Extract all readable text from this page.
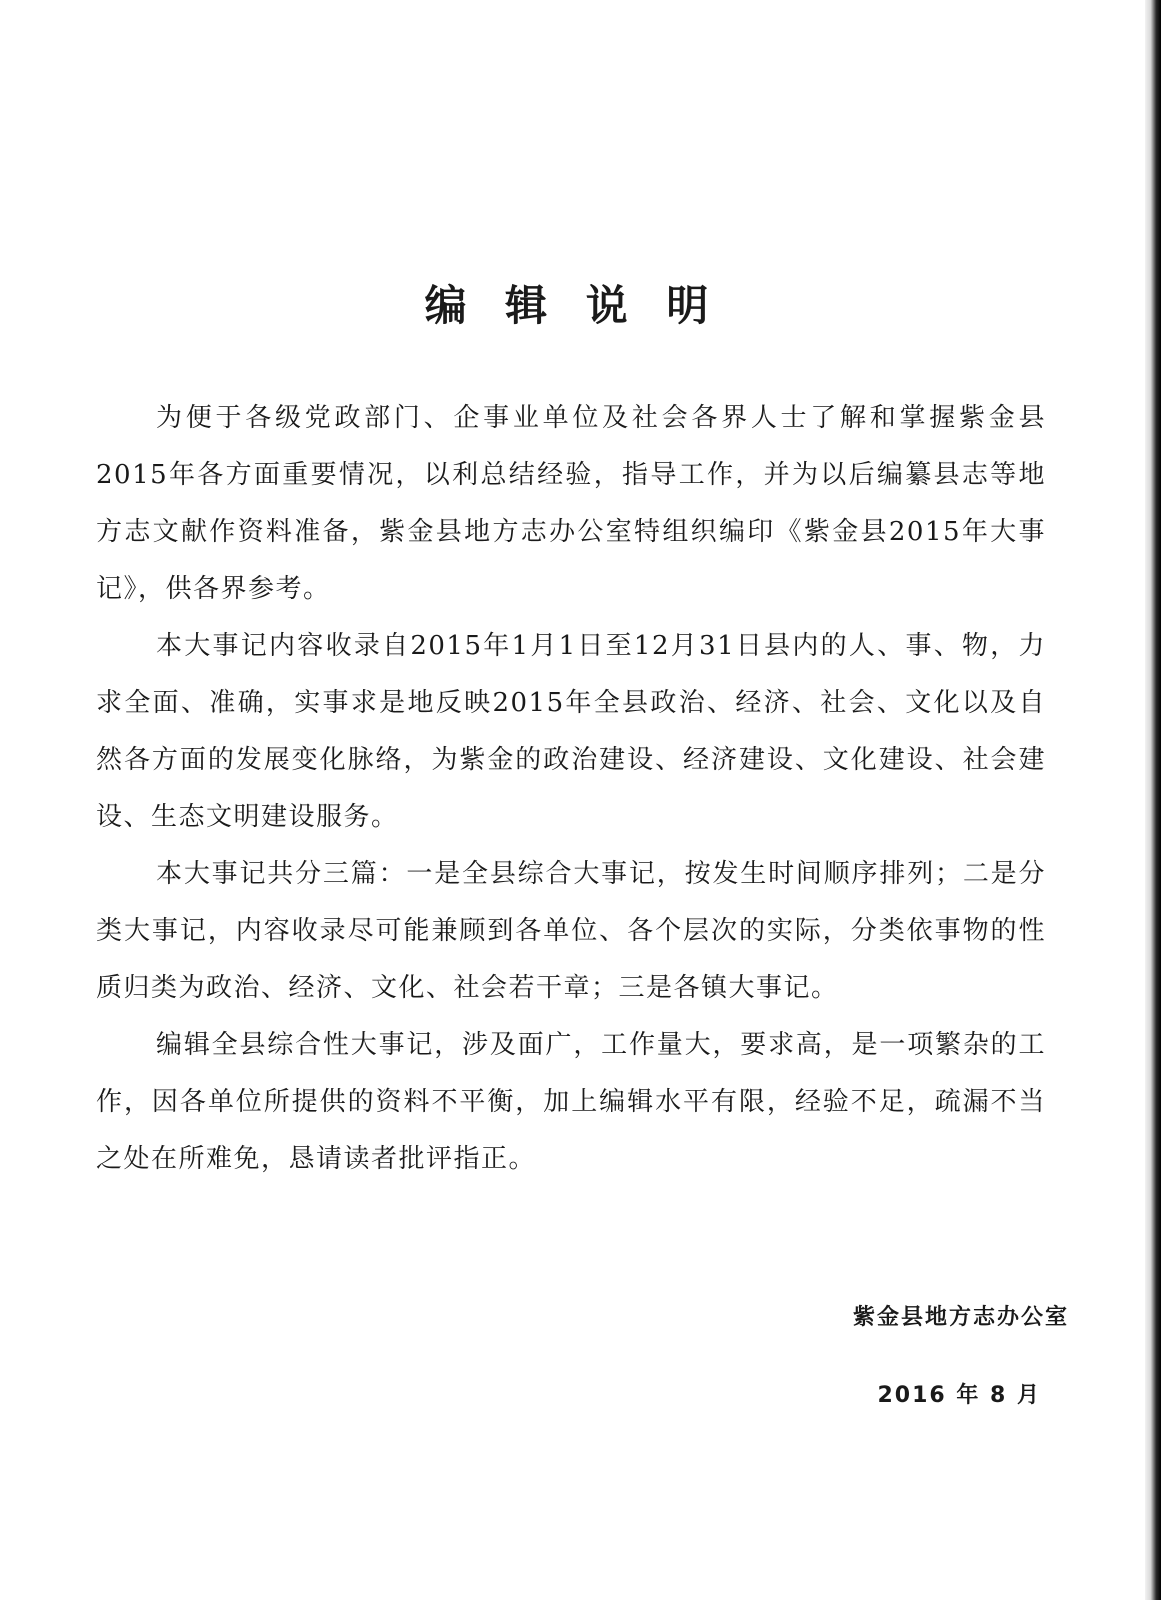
编 辑 说 明

为便于各级党政部门、企事业单位及社会各界人士了解和掌握紫金县2015年各方面重要情况，以利总结经验，指导工作，并为以后编纂县志等地方志文献作资料准备，紫金县地方志办公室特组织编印《紫金县2015年大事记》，供各界参考。

本大事记内容收录自2015年1月1日至12月31日县内的人、事、物，力求全面、准确，实事求是地反映2015年全县政治、经济、社会、文化以及自然各方面的发展变化脉络，为紫金的政治建设、经济建设、文化建设、社会建设、生态文明建设服务。

本大事记共分三篇：一是全县综合大事记，按发生时间顺序排列；二是分类大事记，内容收录尽可能兼顾到各单位、各个层次的实际，分类依事物的性质归类为政治、经济、文化、社会若干章；三是各镇大事记。

编辑全县综合性大事记，涉及面广，工作量大，要求高，是一项繁杂的工作，因各单位所提供的资料不平衡，加上编辑水平有限，经验不足，疏漏不当之处在所难免，恳请读者批评指正。

紫金县地方志办公室
2016 年 8 月
